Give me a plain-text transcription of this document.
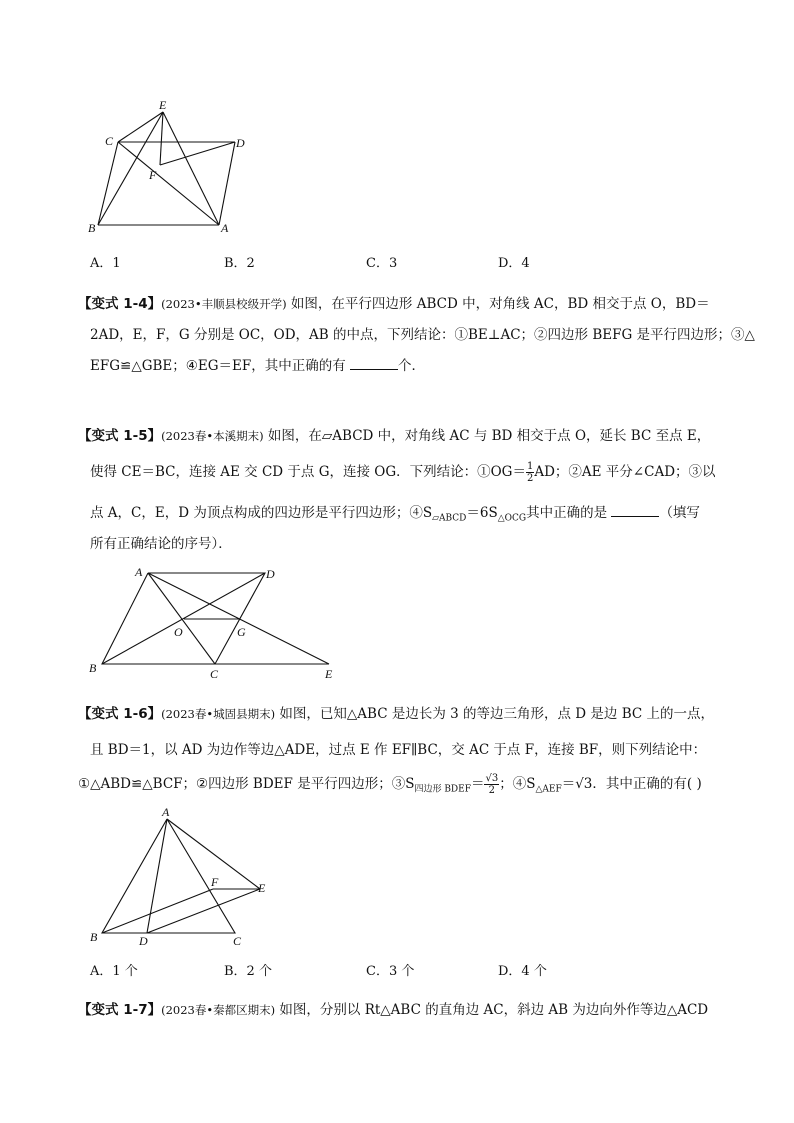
E
C	D
F
B	A
A．1	B．2	C．3	D．4
【变式 1-4】(2023•丰顺县校级开学) 如图，在平行四边形 ABCD 中，对角线 AC，BD 相交于点 O，BD＝
2AD，E，F，G 分别是 OC，OD，AB 的中点，下列结论：①BE⊥AC；②四边形 BEFG 是平行四边形；③△
EFG≌△GBE；④EG＝EF，其中正确的有	个．
【变式 1-5】(2023春•本溪期末) 如图，在▱ABCD 中，对角线 AC 与 BD 相交于点 O，延长 BC 至点 E，
使得 CE＝BC，连接 AE 交 CD 于点 G，连接 OG．下列结论：①OG＝ $\frac{1}{2}$ AD；②AE 平分∠CAD；③以
点 A，C，E，D 为顶点构成的四边形是平行四边形；$④S_{▱ABCD}=6S_{\triangle OCG}$其中正确的是	（填写
所有正确结论的序号）．
A	D
O	G
B	C	E
【变式 1-6】(2023春•城固县期末) 如图，已知△ABC 是边长为 3 的等边三角形，点 D 是边 BC 上的一点，
且 BD＝1，以 AD 为边作等边△ADE，过点 E 作 EF∥BC，交 AC 于点 F，连接 BF，则下列结论中：
①△ABD≌△BCF；②四边形 BDEF 是平行四边形；$③S_{四边形 BDEF}= \frac{√3}{2}$ ；$④S_{\triangle AEF}=√3$．其中正确的有( )
A
F	E
B	D	C
A．1 个	B．2 个	C．3 个	D．4 个
【变式 1-7】(2023春•秦都区期末) 如图，分别以 Rt△ABC 的直角边 AC，斜边 AB 为边向外作等边△ACD
